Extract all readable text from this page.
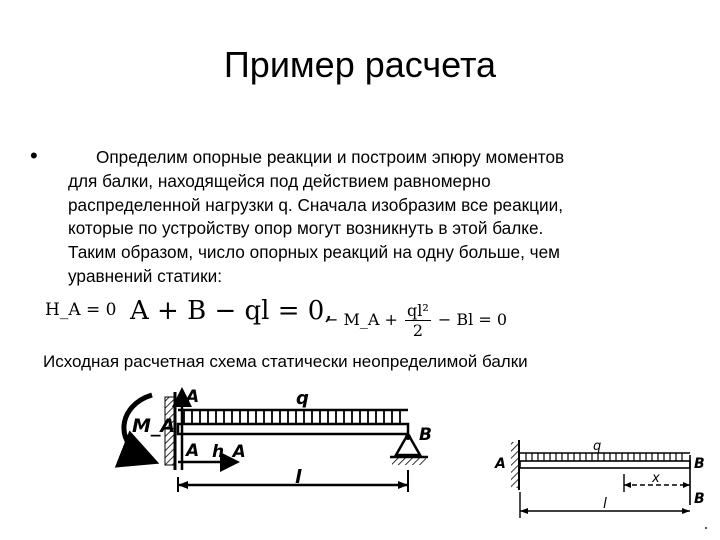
Пример расчета
•	Определим опорные реакции и построим эпюру моментов
для балки, находящейся под действием равномерно
распределенной нагрузки q. Сначала изобразим все реакции,
которые по устройству опор могут возникнуть в этой балке.
Таким образом, число опорных реакций на одну больше, чем
уравнений статики:
H_A = 0 A + B − ql = 0,
− M_A + $\frac{\text{ql²}}{2} - Bl = 0$
Исходная расчетная схема статически неопределимой балки
A
A
M_A
h_A
q
B
l
A
q
B
B
x
l
